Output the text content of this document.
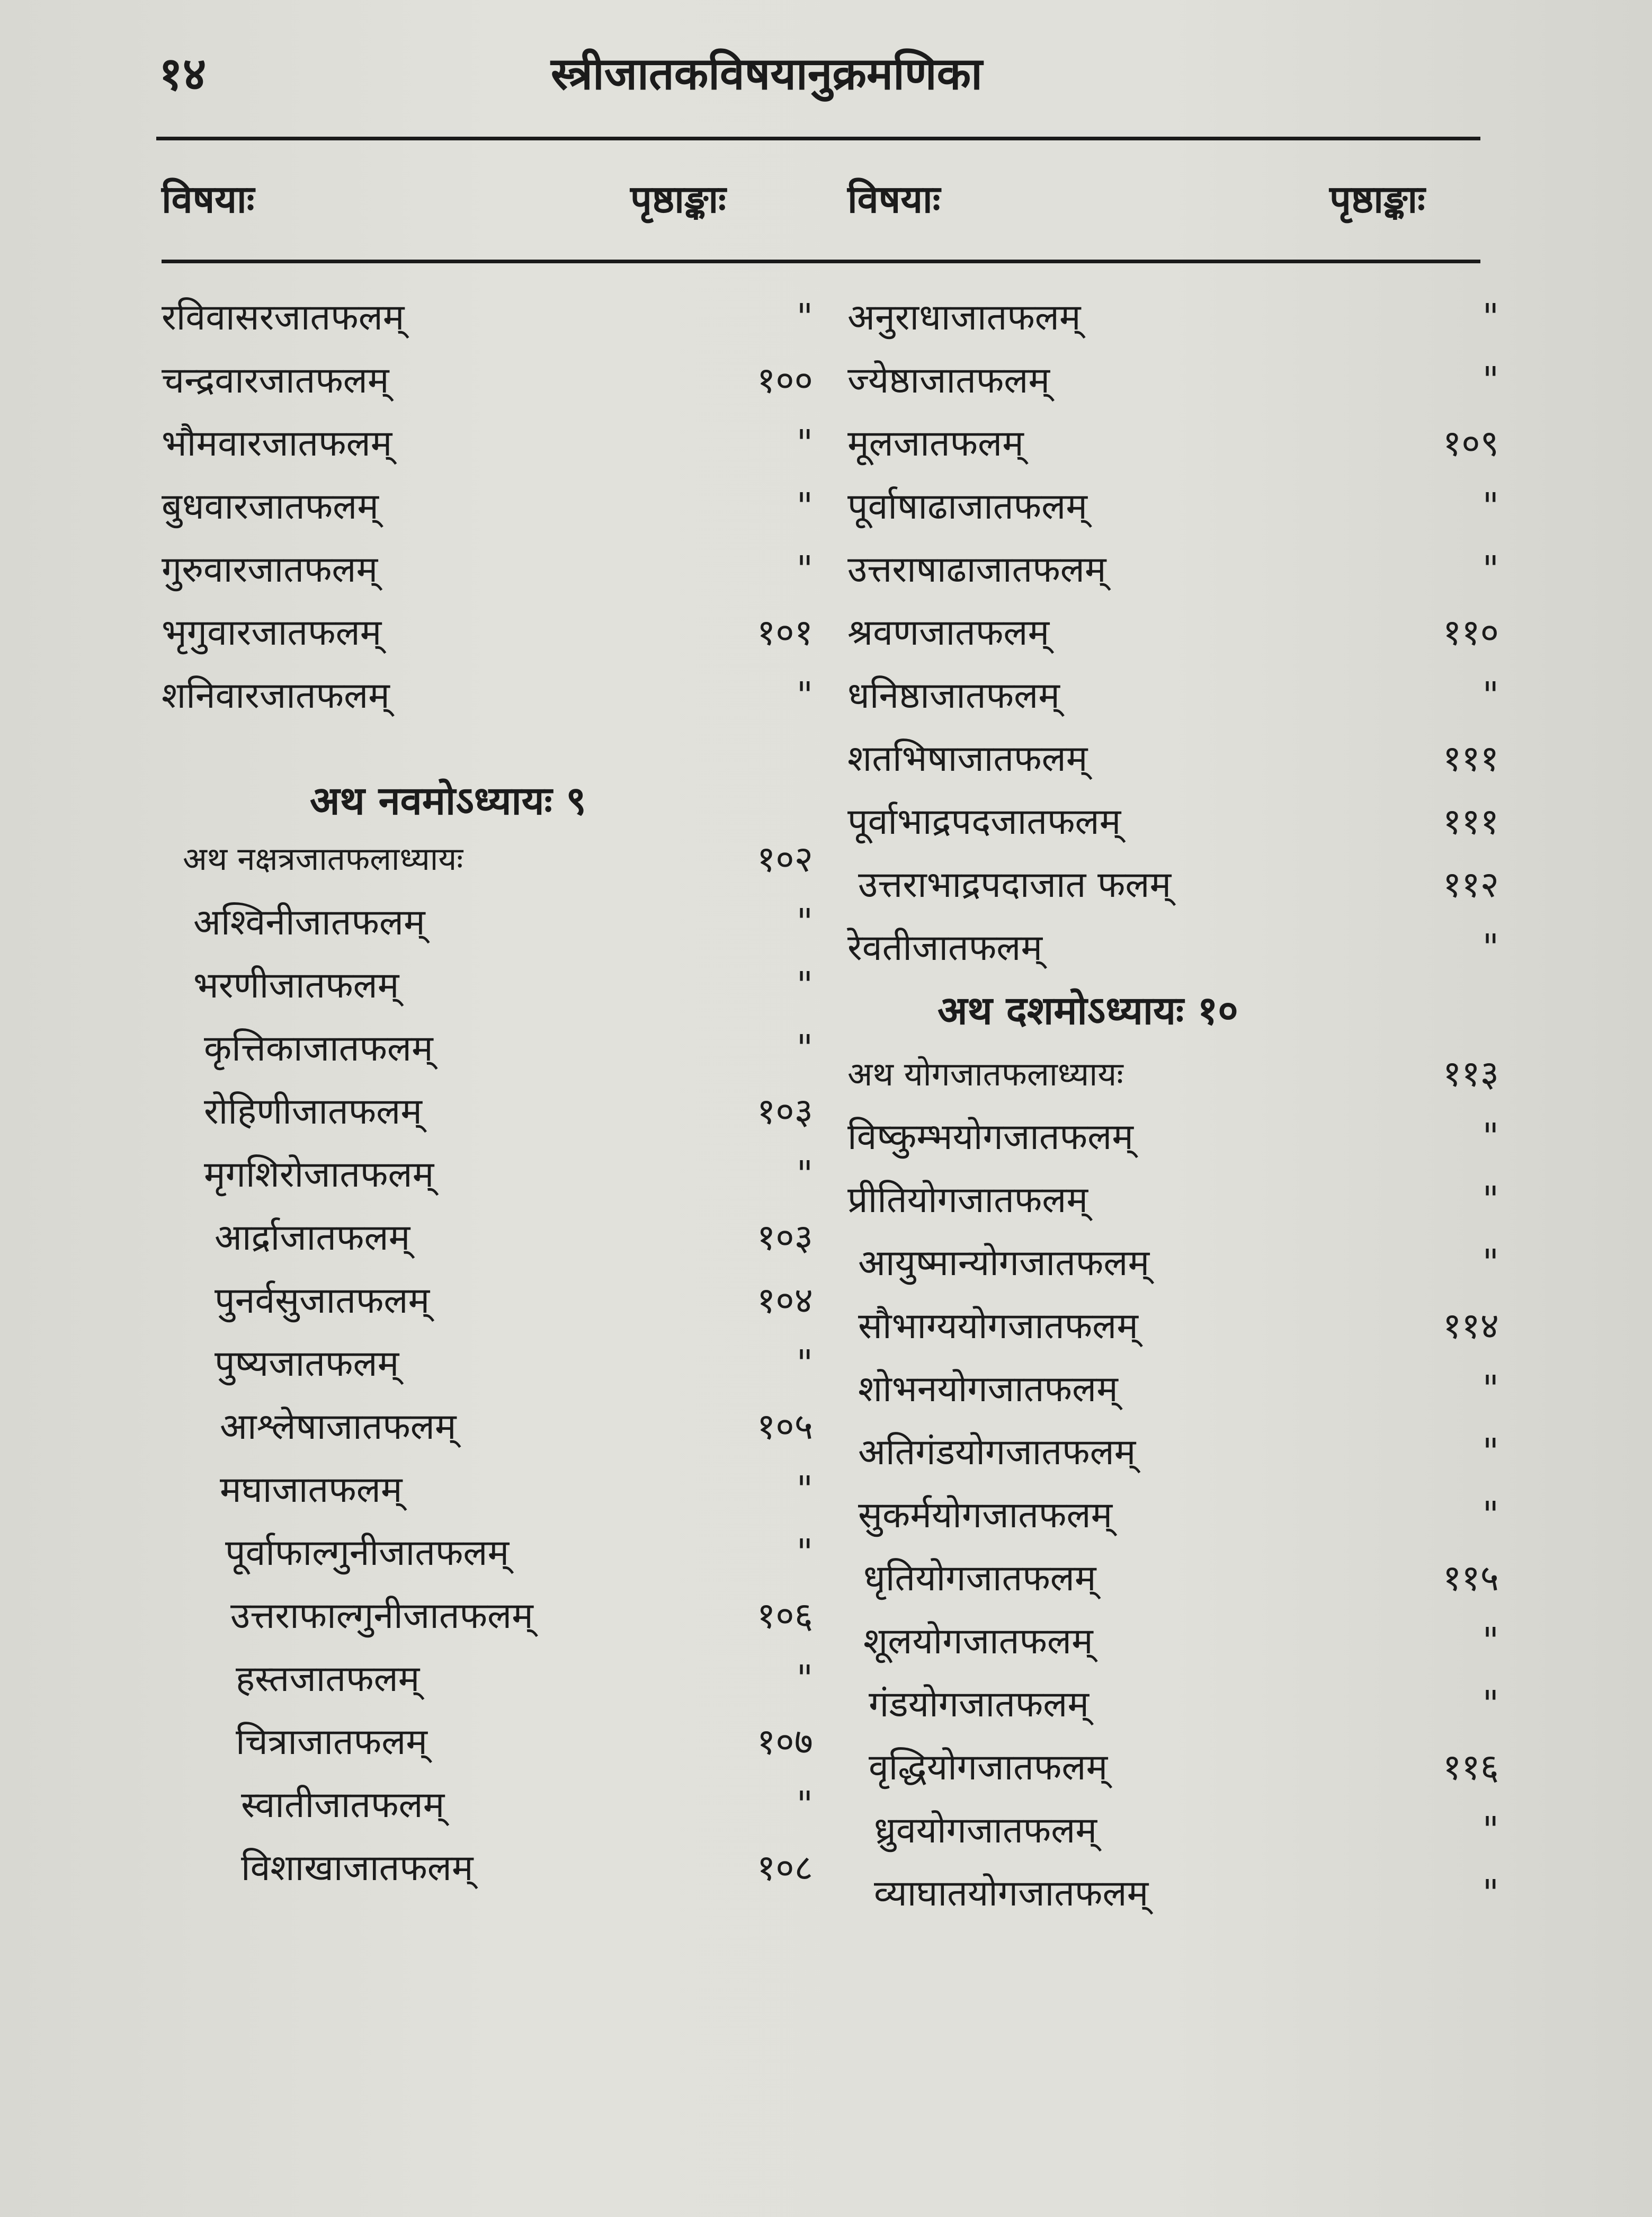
१४	स्त्रीजातकविषयानुक्रमणिका
विषयाः	पृष्ठाङ्काः	विषयाः	पृष्ठाङ्काः
रविवासरजातफलम्	"
चन्द्रवारजातफलम्	१००
भौमवारजातफलम्	"
बुधवारजातफलम्	"
गुरुवारजातफलम्	"
भृगुवारजातफलम्	१०१
शनिवारजातफलम्	"
अथ नवमोऽध्यायः ९
अथ नक्षत्रजातफलाध्यायः	१०२
अश्विनीजातफलम्	"
भरणीजातफलम्	"
कृत्तिकाजातफलम्	"
रोहिणीजातफलम्	१०३
मृगशिरोजातफलम्	"
आर्द्राजातफलम्	१०३
पुनर्वसुजातफलम्	१०४
पुष्यजातफलम्	"
आश्लेषाजातफलम्	१०५
मघाजातफलम्	"
पूर्वाफाल्गुनीजातफलम्	"
उत्तराफाल्गुनीजातफलम्	१०६
हस्तजातफलम्	"
चित्राजातफलम्	१०७
स्वातीजातफलम्	"
विशाखाजातफलम्	१०८
अनुराधाजातफलम्	"
ज्येष्ठाजातफलम्	"
मूलजातफलम्	१०९
पूर्वाषाढाजातफलम्	"
उत्तराषाढाजातफलम्	"
श्रवणजातफलम्	११०
धनिष्ठाजातफलम्	"
शतभिषाजातफलम्	१११
पूर्वाभाद्रपदजातफलम्	१११
उत्तराभाद्रपदाजात फलम्	११२
रेवतीजातफलम्	"
अथ दशमोऽध्यायः १०
अथ योगजातफलाध्यायः	११३
विष्कुम्भयोगजातफलम्	"
प्रीतियोगजातफलम्	"
आयुष्मान्योगजातफलम्	"
सौभाग्ययोगजातफलम्	११४
शोभनयोगजातफलम्	"
अतिगंडयोगजातफलम्	"
सुकर्मयोगजातफलम्	"
धृतियोगजातफलम्	११५
शूलयोगजातफलम्	"
गंडयोगजातफलम्	"
वृद्धियोगजातफलम्	११६
ध्रुवयोगजातफलम्	"
व्याघातयोगजातफलम्	"
